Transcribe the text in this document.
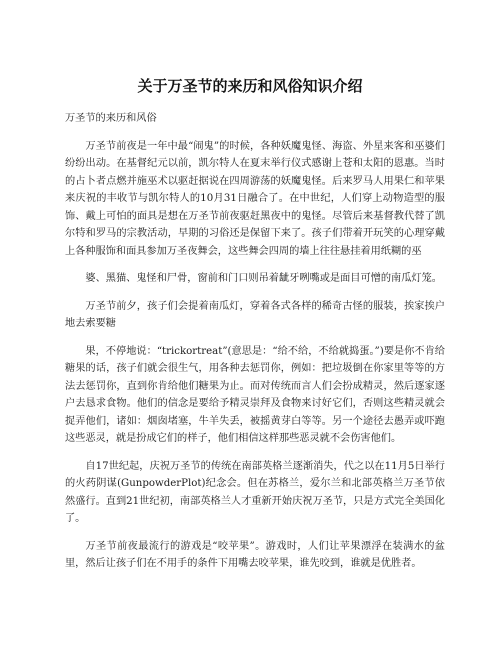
关于万圣节的来历和风俗知识介绍

万圣节的来历和风俗

万圣节前夜是一年中最“闹鬼”的时候，各种妖魔鬼怪、海盗、外星来客和巫婆们纷纷出动。在基督纪元以前，凯尔特人在夏末举行仪式感谢上苍和太阳的恩惠。当时的占卜者点燃并施巫术以驱赶据说在四周游荡的妖魔鬼怪。后来罗马人用果仁和苹果来庆祝的丰收节与凯尔特人的10月31日融合了。在中世纪，人们穿上动物造型的服饰、戴上可怕的面具是想在万圣节前夜驱赶黑夜中的鬼怪。尽管后来基督教代替了凯尔特和罗马的宗教活动，早期的习俗还是保留下来了。孩子们带着开玩笑的心理穿戴上各种服饰和面具参加万圣夜舞会，这些舞会四周的墙上往往悬挂着用纸糊的巫

婆、黑猫、鬼怪和尸骨，窗前和门口则吊着龇牙咧嘴或是面目可憎的南瓜灯笼。

万圣节前夕，孩子们会提着南瓜灯，穿着各式各样的稀奇古怪的服装，挨家挨户地去索要糖

果，不停地说：“trickortreat”(意思是：“给不给，不给就捣蛋。”)要是你不肯给糖果的话，孩子们就会很生气，用各种去惩罚你，例如：把垃圾倒在你家里等等的方法去惩罚你，直到你肯给他们糖果为止。而对传统而言人们会扮成精灵，然后逐家逐户去恳求食物。他们的信念是要给予精灵崇拜及食物来讨好它们，否则这些精灵就会捉弄他们，诸如：烟囱堵塞，牛羊失丢，被摇黄芽白等等。另一个途径去愚弄或吓跑这些恶灵，就是扮成它们的样子，他们相信这样那些恶灵就不会伤害他们。

自17世纪起，庆祝万圣节的传统在南部英格兰逐渐消失，代之以在11月5日举行的火药阴谋(GunpowderPlot)纪念会。但在苏格兰，爱尔兰和北部英格兰万圣节依然盛行。直到21世纪初，南部英格兰人才重新开始庆祝万圣节，只是方式完全美国化了。

万圣节前夜最流行的游戏是“咬苹果”。游戏时，人们让苹果漂浮在装满水的盆里，然后让孩子们在不用手的条件下用嘴去咬苹果，谁先咬到，谁就是优胜者。
